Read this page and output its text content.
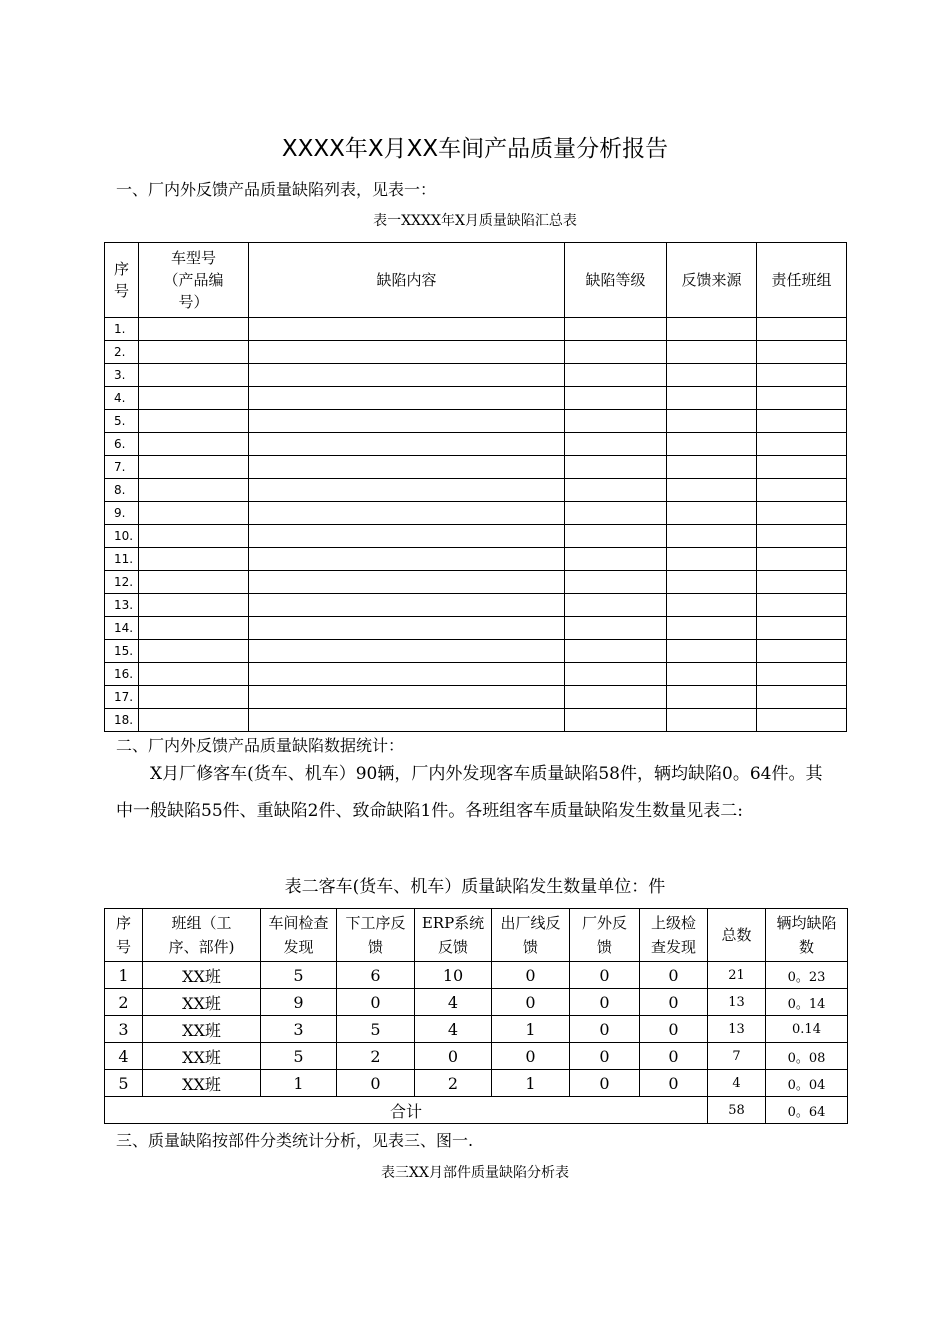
XXXX年X月XX车间产品质量分析报告
一、厂内外反馈产品质量缺陷列表，见表一：
表一XXXX年X月质量缺陷汇总表
序号	车型号（产品编号）	缺陷内容	缺陷等级	反馈来源	责任班组
1.					
2.					
3.					
4.					
5.					
6.					
7.					
8.					
9.					
10.					
11.					
12.					
13.					
14.					
15.					
16.					
17.					
18.					
二、厂内外反馈产品质量缺陷数据统计：
X月厂修客车(货车、机车）90辆，厂内外发现客车质量缺陷58件，辆均缺陷0。64件。其中一般缺陷55件、重缺陷2件、致命缺陷1件。各班组客车质量缺陷发生数量见表二:
表二客车(货车、机车）质量缺陷发生数量单位：件
序号	班组（工序、部件)	车间检查发现	下工序反馈	ERP系统反馈	出厂线反馈	厂外反馈	上级检查发现	总数	辆均缺陷数
1	XX班	5	6	10	0	0	0	21	0。23
2	XX班	9	0	4	0	0	0	13	0。14
3	XX班	3	5	4	1	0	0	13	0.14
4	XX班	5	2	0	0	0	0	7	0。08
5	XX班	1	0	2	1	0	0	4	0。04
合计								58	0。64
三、质量缺陷按部件分类统计分析，见表三、图一.
表三XX月部件质量缺陷分析表
